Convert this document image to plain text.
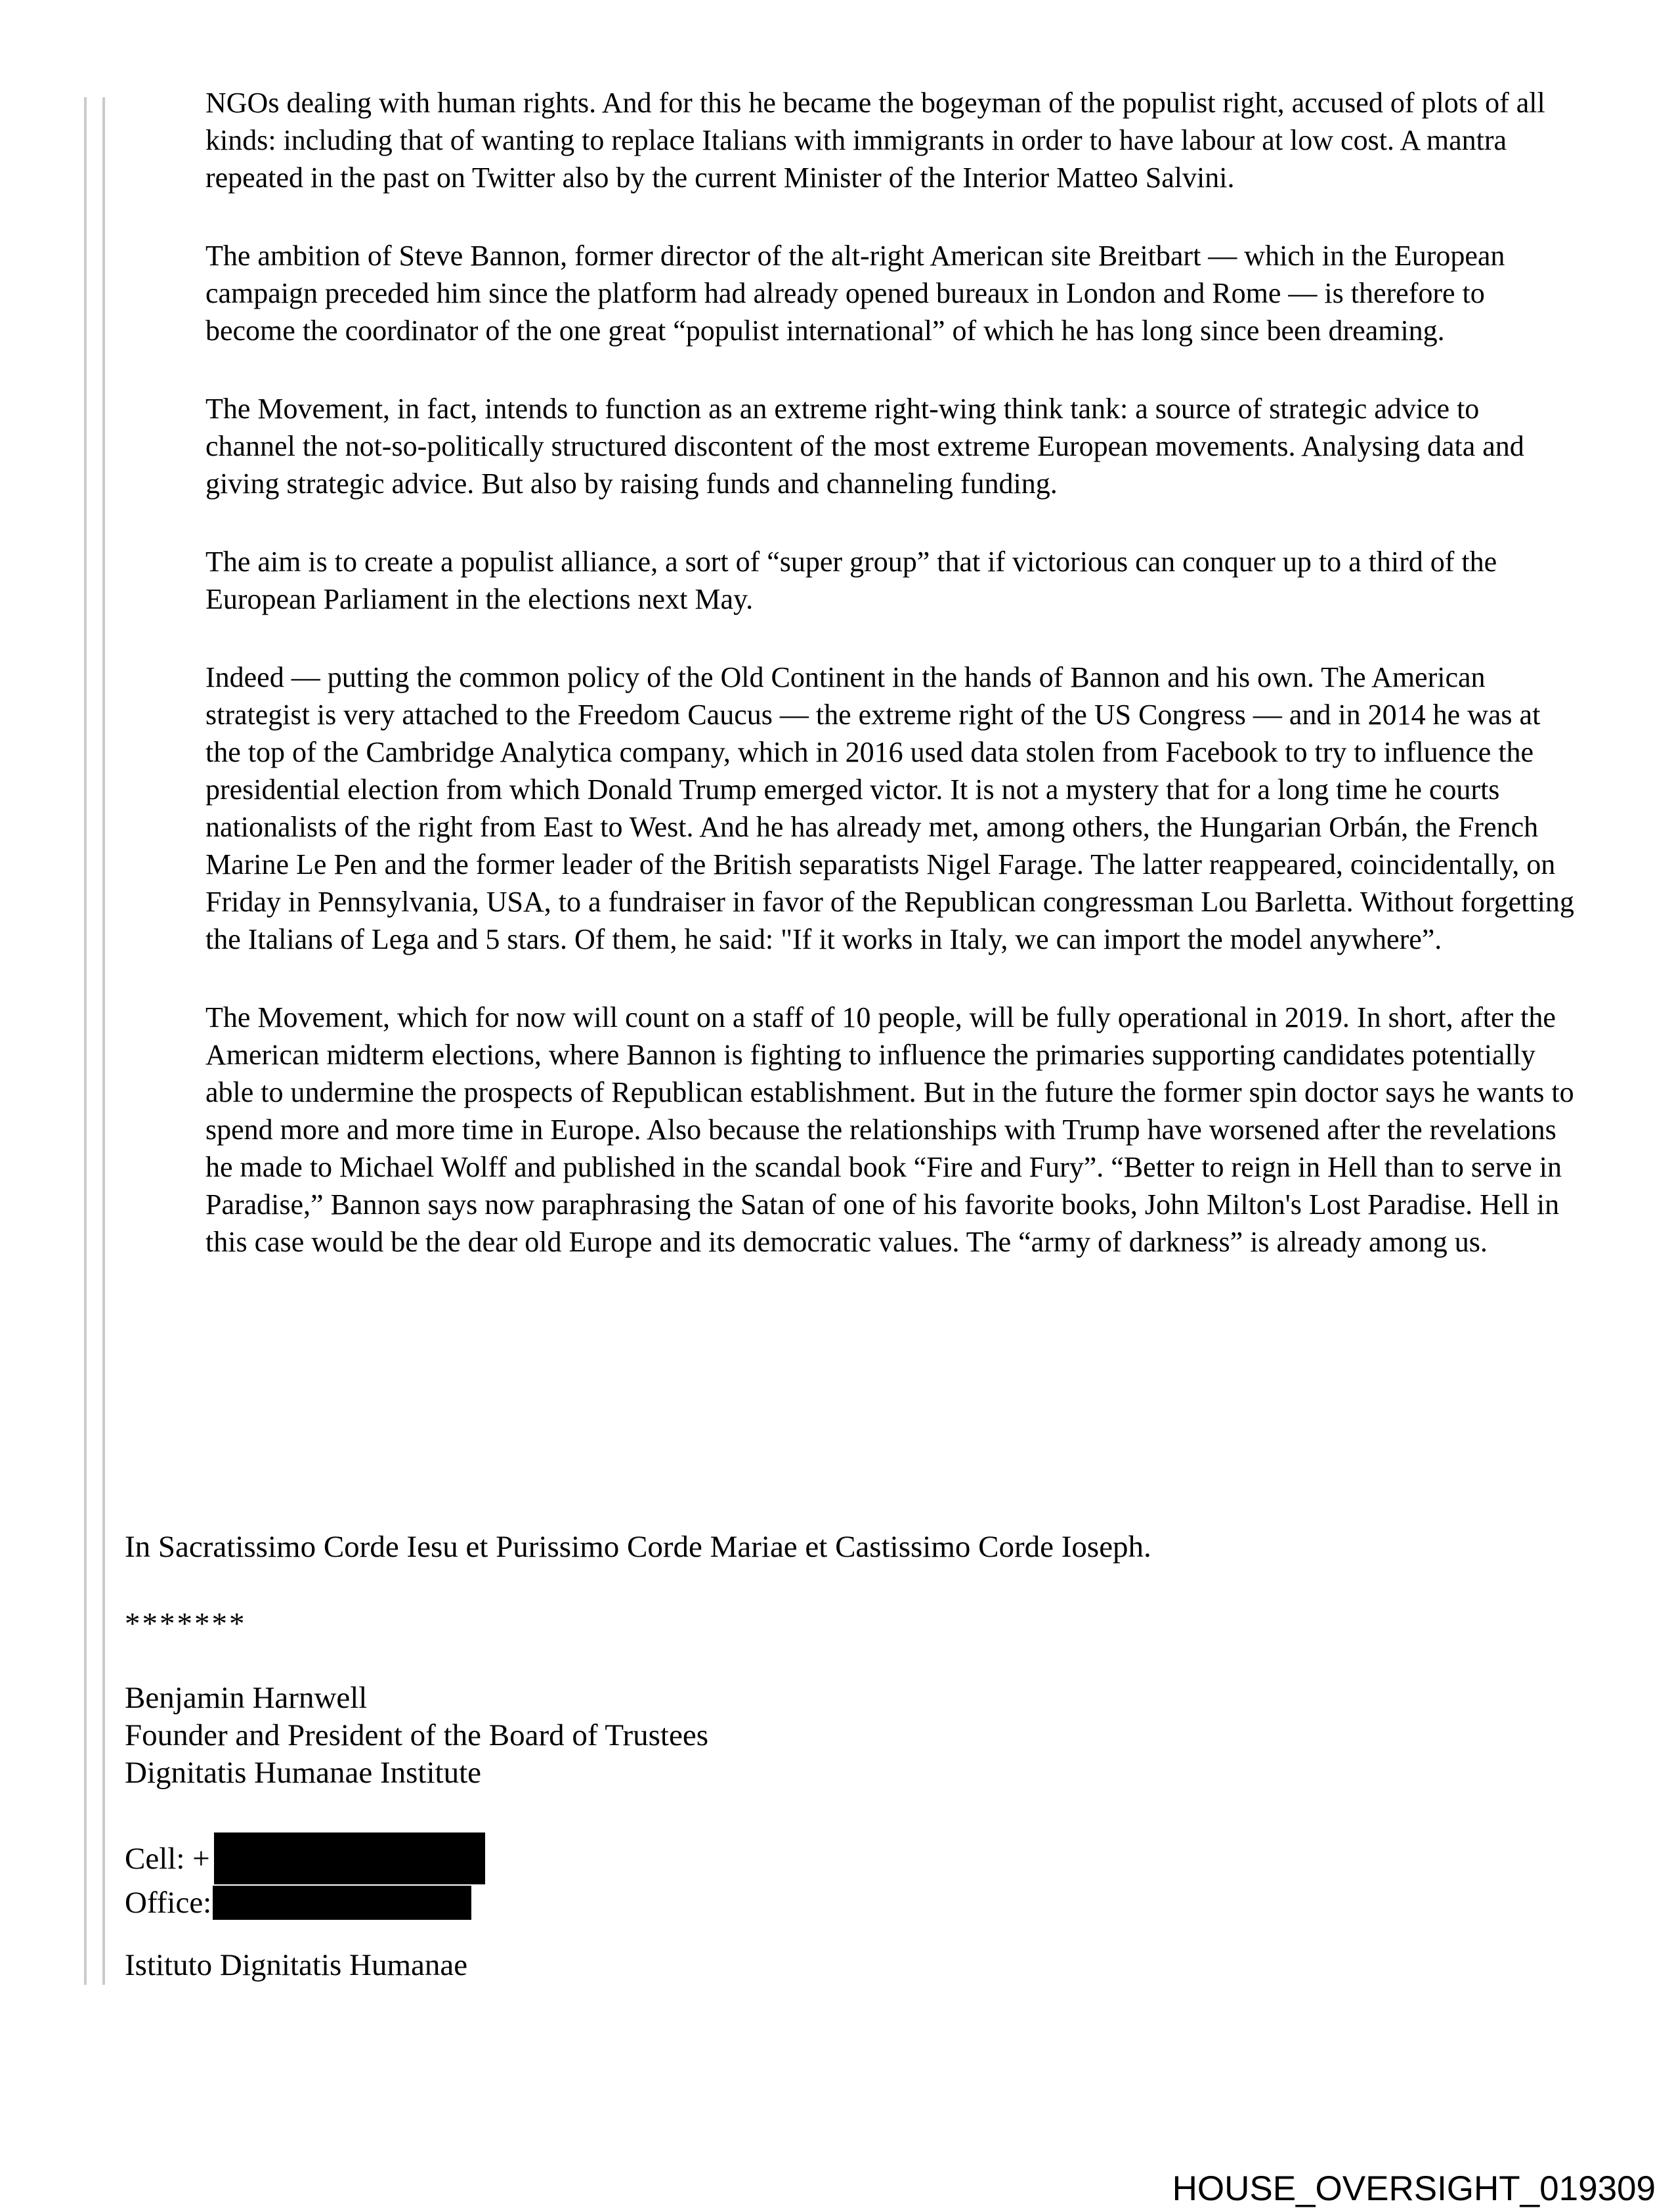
NGOs dealing with human rights. And for this he became the bogeyman of the populist right, accused of plots of all kinds: including that of wanting to replace Italians with immigrants in order to have labour at low cost. A mantra repeated in the past on Twitter also by the current Minister of the Interior Matteo Salvini.

The ambition of Steve Bannon, former director of the alt-right American site Breitbart — which in the European campaign preceded him since the platform had already opened bureaux in London and Rome — is therefore to become the coordinator of the one great “populist international” of which he has long since been dreaming.

The Movement, in fact, intends to function as an extreme right-wing think tank: a source of strategic advice to channel the not-so-politically structured discontent of the most extreme European movements. Analysing data and giving strategic advice. But also by raising funds and channeling funding.

The aim is to create a populist alliance, a sort of “super group” that if victorious can conquer up to a third of the European Parliament in the elections next May.

Indeed — putting the common policy of the Old Continent in the hands of Bannon and his own. The American strategist is very attached to the Freedom Caucus — the extreme right of the US Congress — and in 2014 he was at the top of the Cambridge Analytica company, which in 2016 used data stolen from Facebook to try to influence the presidential election from which Donald Trump emerged victor. It is not a mystery that for a long time he courts nationalists of the right from East to West. And he has already met, among others, the Hungarian Orbán, the French Marine Le Pen and the former leader of the British separatists Nigel Farage. The latter reappeared, coincidentally, on Friday in Pennsylvania, USA, to a fundraiser in favor of the Republican congressman Lou Barletta. Without forgetting the Italians of Lega and 5 stars. Of them, he said: "If it works in Italy, we can import the model anywhere”.

The Movement, which for now will count on a staff of 10 people, will be fully operational in 2019. In short, after the American midterm elections, where Bannon is fighting to influence the primaries supporting candidates potentially able to undermine the prospects of Republican establishment. But in the future the former spin doctor says he wants to spend more and more time in Europe. Also because the relationships with Trump have worsened after the revelations he made to Michael Wolff and published in the scandal book “Fire and Fury”. “Better to reign in Hell than to serve in Paradise,” Bannon says now paraphrasing the Satan of one of his favorite books, John Milton's Lost Paradise. Hell in this case would be the dear old Europe and its democratic values. The “army of darkness” is already among us.

In Sacratissimo Corde Iesu et Purissimo Corde Mariae et Castissimo Corde Ioseph.
*******
Benjamin Harnwell
Founder and President of the Board of Trustees
Dignitatis Humanae Institute
Cell: +
Office:
Istituto Dignitatis Humanae
HOUSE_OVERSIGHT_019309
